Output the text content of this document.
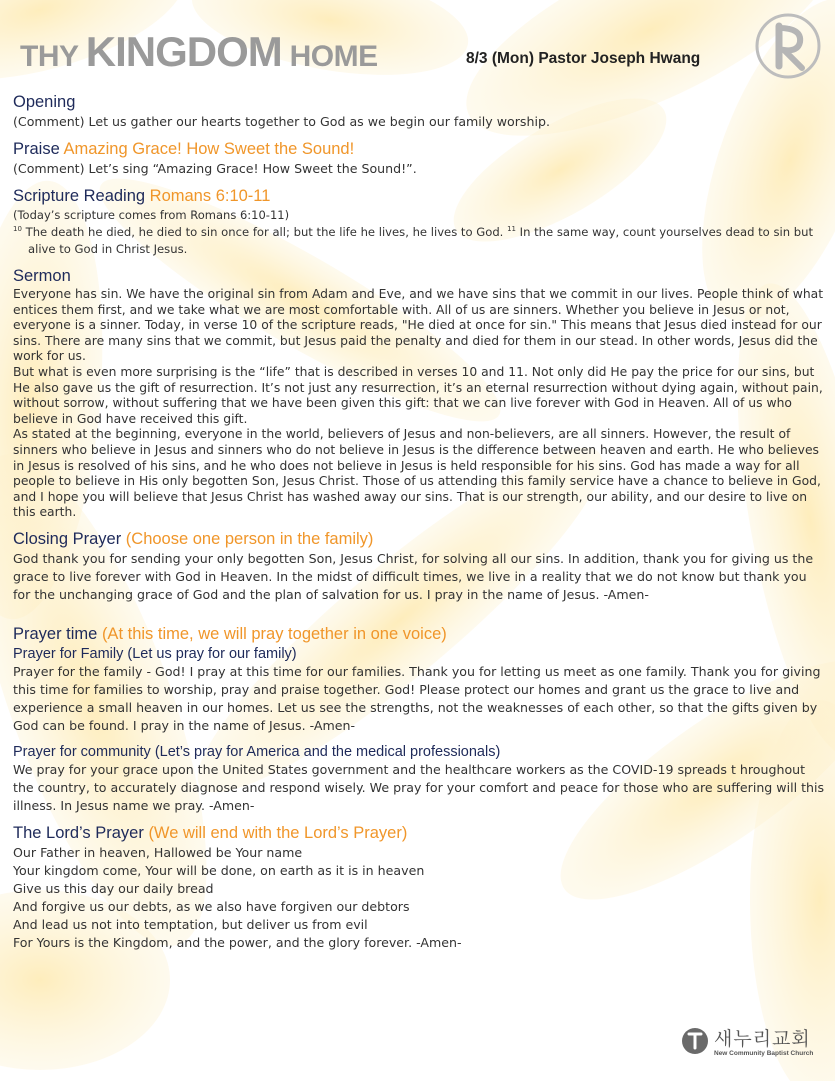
THY KINGDOM HOME	8/3 (Mon) Pastor Joseph Hwang
Opening

(Comment) Let us gather our hearts together to God as we begin our family worship.

Praise Amazing Grace! How Sweet the Sound!

(Comment) Let’s sing “Amazing Grace! How Sweet the Sound!”.

Scripture Reading Romans 6:10-11

(Today’s scripture comes from Romans 6:10-11)

$^{10}$ The death he died, he died to sin once for all; but the life he lives, he lives to God. $^{11}$ In the same way, count yourselves dead to sin but alive to God in Christ Jesus.

Sermon

Everyone has sin. We have the original sin from Adam and Eve, and we have sins that we commit in our lives. People think of what entices them first, and we take what we are most comfortable with. All of us are sinners. Whether you believe in Jesus or not, everyone is a sinner. Today, in verse 10 of the scripture reads, "He died at once for sin." This means that Jesus died instead for our sins. There are many sins that we commit, but Jesus paid the penalty and died for them in our stead. In other words, Jesus did the work for us.

But what is even more surprising is the “life” that is described in verses 10 and 11. Not only did He pay the price for our sins, but He also gave us the gift of resurrection. It’s not just any resurrection, it’s an eternal resurrection without dying again, without pain, without sorrow, without suffering that we have been given this gift: that we can live forever with God in Heaven. All of us who believe in God have received this gift.

As stated at the beginning, everyone in the world, believers of Jesus and non-believers, are all sinners. However, the result of sinners who believe in Jesus and sinners who do not believe in Jesus is the difference between heaven and earth. He who believes in Jesus is resolved of his sins, and he who does not believe in Jesus is held responsible for his sins. God has made a way for all people to believe in His only begotten Son, Jesus Christ. Those of us attending this family service have a chance to believe in God, and I hope you will believe that Jesus Christ has washed away our sins. That is our strength, our ability, and our desire to live on this earth.

Closing Prayer (Choose one person in the family)

God thank you for sending your only begotten Son, Jesus Christ, for solving all our sins. In addition, thank you for giving us the grace to live forever with God in Heaven. In the midst of difficult times, we live in a reality that we do not know but thank you for the unchanging grace of God and the plan of salvation for us. I pray in the name of Jesus. -Amen-

Prayer time (At this time, we will pray together in one voice)
Prayer for Family (Let us pray for our family)

Prayer for the family - God! I pray at this time for our families. Thank you for letting us meet as one family. Thank you for giving this time for families to worship, pray and praise together. God! Please protect our homes and grant us the grace to live and experience a small heaven in our homes. Let us see the strengths, not the weaknesses of each other, so that the gifts given by God can be found. I pray in the name of Jesus. -Amen-

Prayer for community (Let’s pray for America and the medical professionals)

We pray for your grace upon the United States government and the healthcare workers as the COVID-19 spreads t hroughout the country, to accurately diagnose and respond wisely. We pray for your comfort and peace for those who are suffering will this illness. In Jesus name we pray. -Amen-

The Lord’s Prayer (We will end with the Lord’s Prayer)

Our Father in heaven, Hallowed be Your name

Your kingdom come, Your will be done, on earth as it is in heaven

Give us this day our daily bread

And forgive us our debts, as we also have forgiven our debtors

And lead us not into temptation, but deliver us from evil

For Yours is the Kingdom, and the power, and the glory forever. -Amen-

새누리교회
New Community Baptist Church
